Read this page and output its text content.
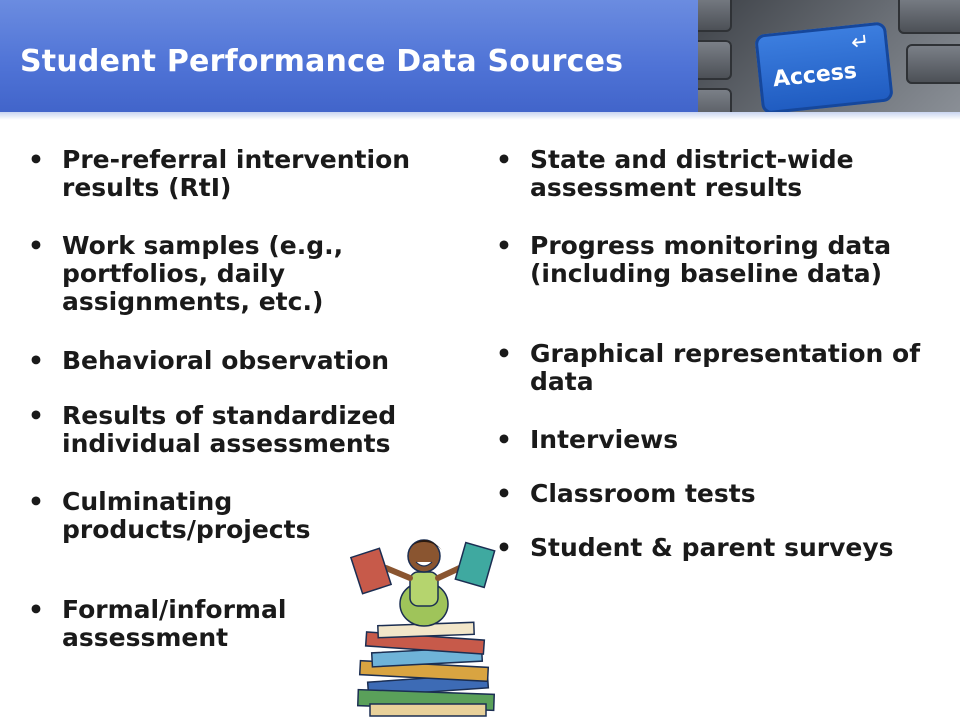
Student Performance Data Sources
↵
Access
• Pre-referral intervention results (RtI)
• Work samples (e.g., portfolios, daily assignments, etc.)
• Behavioral observation
• Results of standardized individual assessments
• Culminating products/projects
• Formal/informal assessment
• State and district-wide assessment results
• Progress monitoring data (including baseline data)
• Graphical representation of data
• Interviews
• Classroom tests
• Student & parent surveys
